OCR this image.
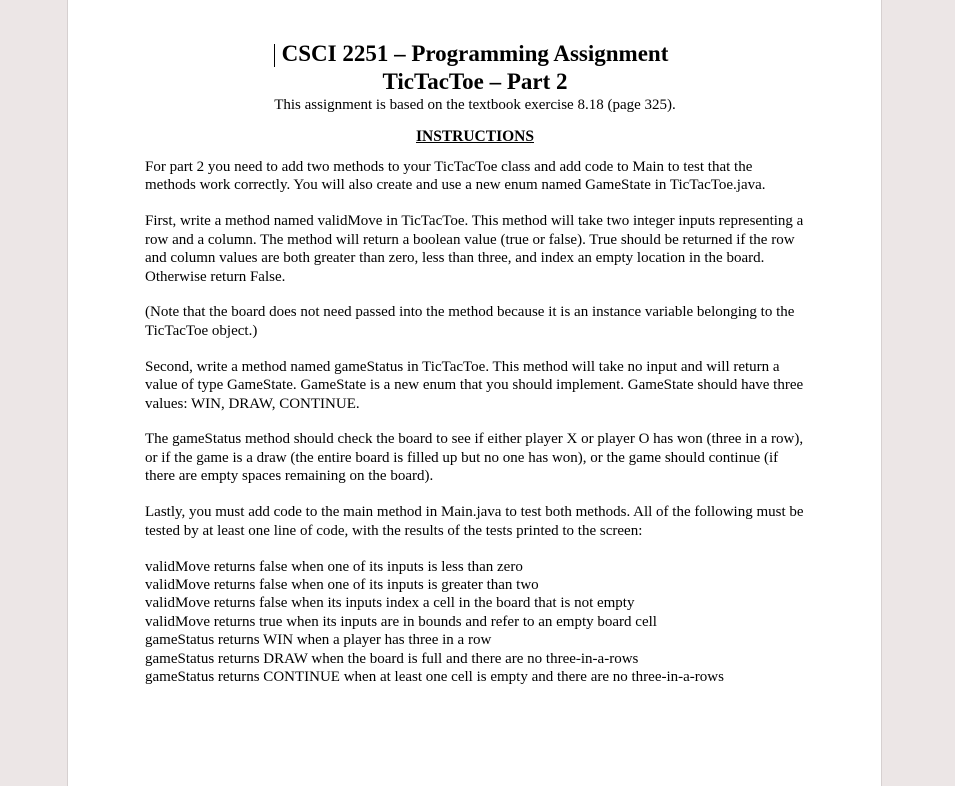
CSCI 2251 – Programming Assignment
TicTacToe – Part 2

This assignment is based on the textbook exercise 8.18 (page 325).

INSTRUCTIONS

For part 2 you need to add two methods to your TicTacToe class and add code to Main to test that the methods work correctly. You will also create and use a new enum named GameState in TicTacToe.java.

First, write a method named validMove in TicTacToe. This method will take two integer inputs representing a row and a column. The method will return a boolean value (true or false). True should be returned if the row and column values are both greater than zero, less than three, and index an empty location in the board. Otherwise return False.

(Note that the board does not need passed into the method because it is an instance variable belonging to the TicTacToe object.)

Second, write a method named gameStatus in TicTacToe. This method will take no input and will return a value of type GameState. GameState is a new enum that you should implement. GameState should have three values: WIN, DRAW, CONTINUE.

The gameStatus method should check the board to see if either player X or player O has won (three in a row), or if the game is a draw (the entire board is filled up but no one has won), or the game should continue (if there are empty spaces remaining on the board).

Lastly, you must add code to the main method in Main.java to test both methods. All of the following must be tested by at least one line of code, with the results of the tests printed to the screen:

validMove returns false when one of its inputs is less than zero
validMove returns false when one of its inputs is greater than two
validMove returns false when its inputs index a cell in the board that is not empty
validMove returns true when its inputs are in bounds and refer to an empty board cell
gameStatus returns WIN when a player has three in a row
gameStatus returns DRAW when the board is full and there are no three-in-a-rows
gameStatus returns CONTINUE when at least one cell is empty and there are no three-in-a-rows
